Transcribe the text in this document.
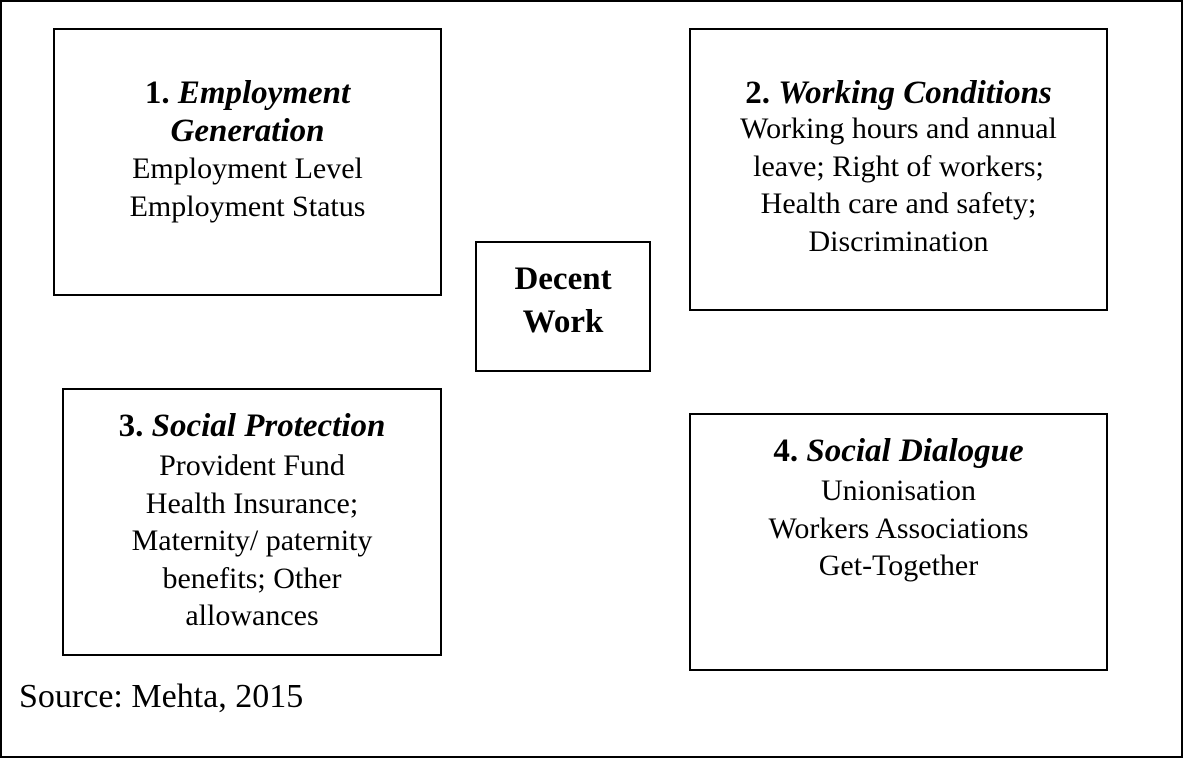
1. Employment
Generation
Employment Level
Employment Status
2. Working Conditions
Working hours and annual
leave; Right of workers;
Health care and safety;
Discrimination
Decent
Work
3. Social Protection
Provident Fund
Health Insurance;
Maternity/ paternity
benefits; Other
allowances
4. Social Dialogue
Unionisation
Workers Associations
Get-Together
Source: Mehta, 2015
